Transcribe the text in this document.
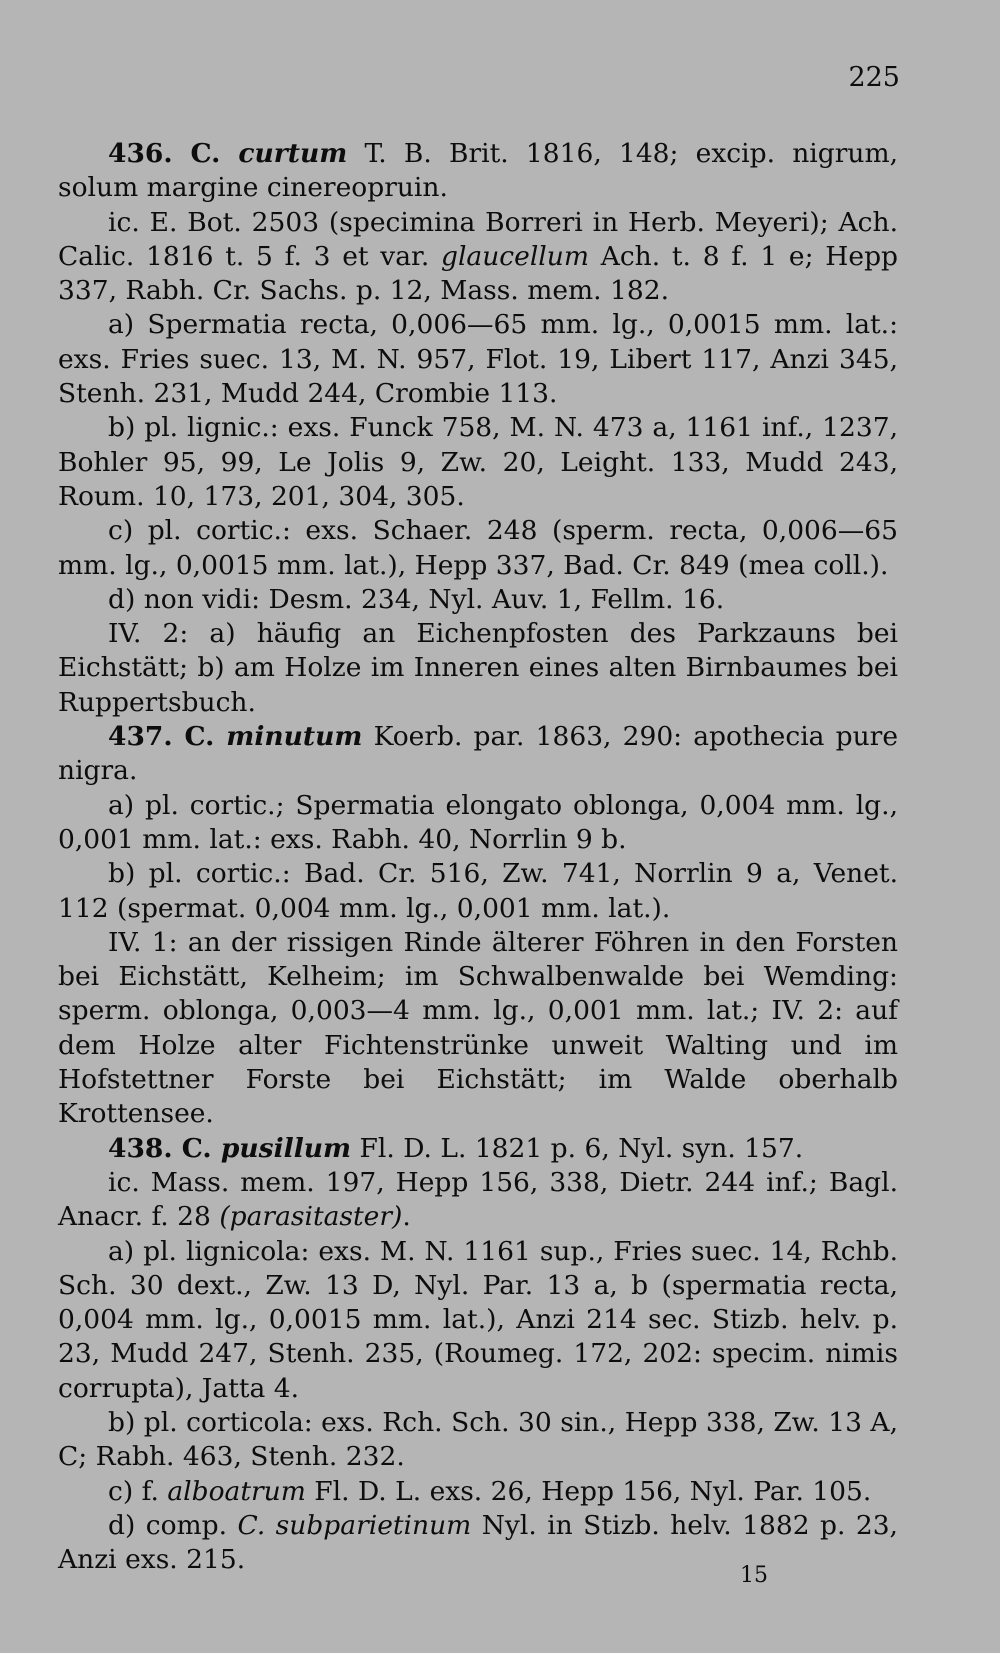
225

436. C. curtum T. B. Brit. 1816, 148; excip. nigrum, solum margine cinereopruin.

ic. E. Bot. 2503 (specimina Borreri in Herb. Meyeri); Ach. Calic. 1816 t. 5 f. 3 et var. glaucellum Ach. t. 8 f. 1 e; Hepp 337, Rabh. Cr. Sachs. p. 12, Mass. mem. 182.

a) Spermatia recta, 0,006—65 mm. lg., 0,0015 mm. lat.: exs. Fries suec. 13, M. N. 957, Flot. 19, Libert 117, Anzi 345, Stenh. 231, Mudd 244, Crombie 113.

b) pl. lignic.: exs. Funck 758, M. N. 473 a, 1161 inf., 1237, Bohler 95, 99, Le Jolis 9, Zw. 20, Leight. 133, Mudd 243, Roum. 10, 173, 201, 304, 305.

c) pl. cortic.: exs. Schaer. 248 (sperm. recta, 0,006—65 mm. lg., 0,0015 mm. lat.), Hepp 337, Bad. Cr. 849 (mea coll.).

d) non vidi: Desm. 234, Nyl. Auv. 1, Fellm. 16.

IV. 2: a) häufig an Eichenpfosten des Parkzauns bei Eichstätt; b) am Holze im Inneren eines alten Birnbaumes bei Ruppertsbuch.

437. C. minutum Koerb. par. 1863, 290: apothecia pure nigra.

a) pl. cortic.; Spermatia elongato oblonga, 0,004 mm. lg., 0,001 mm. lat.: exs. Rabh. 40, Norrlin 9 b.

b) pl. cortic.: Bad. Cr. 516, Zw. 741, Norrlin 9 a, Venet. 112 (spermat. 0,004 mm. lg., 0,001 mm. lat.).

IV. 1: an der rissigen Rinde älterer Föhren in den Forsten bei Eichstätt, Kelheim; im Schwalbenwalde bei Wemding: sperm. oblonga, 0,003—4 mm. lg., 0,001 mm. lat.; IV. 2: auf dem Holze alter Fichtenstrünke unweit Walting und im Hofstettner Forste bei Eichstätt; im Walde oberhalb Krottensee.

438. C. pusillum Fl. D. L. 1821 p. 6, Nyl. syn. 157.

ic. Mass. mem. 197, Hepp 156, 338, Dietr. 244 inf.; Bagl. Anacr. f. 28 (parasitaster).

a) pl. lignicola: exs. M. N. 1161 sup., Fries suec. 14, Rchb. Sch. 30 dext., Zw. 13 D, Nyl. Par. 13 a, b (spermatia recta, 0,004 mm. lg., 0,0015 mm. lat.), Anzi 214 sec. Stizb. helv. p. 23, Mudd 247, Stenh. 235, (Roumeg. 172, 202: specim. nimis corrupta), Jatta 4.

b) pl. corticola: exs. Rch. Sch. 30 sin., Hepp 338, Zw. 13 A, C; Rabh. 463, Stenh. 232.

c) f. alboatrum Fl. D. L. exs. 26, Hepp 156, Nyl. Par. 105.

d) comp. C. subparietinum Nyl. in Stizb. helv. 1882 p. 23, Anzi exs. 215.

15
